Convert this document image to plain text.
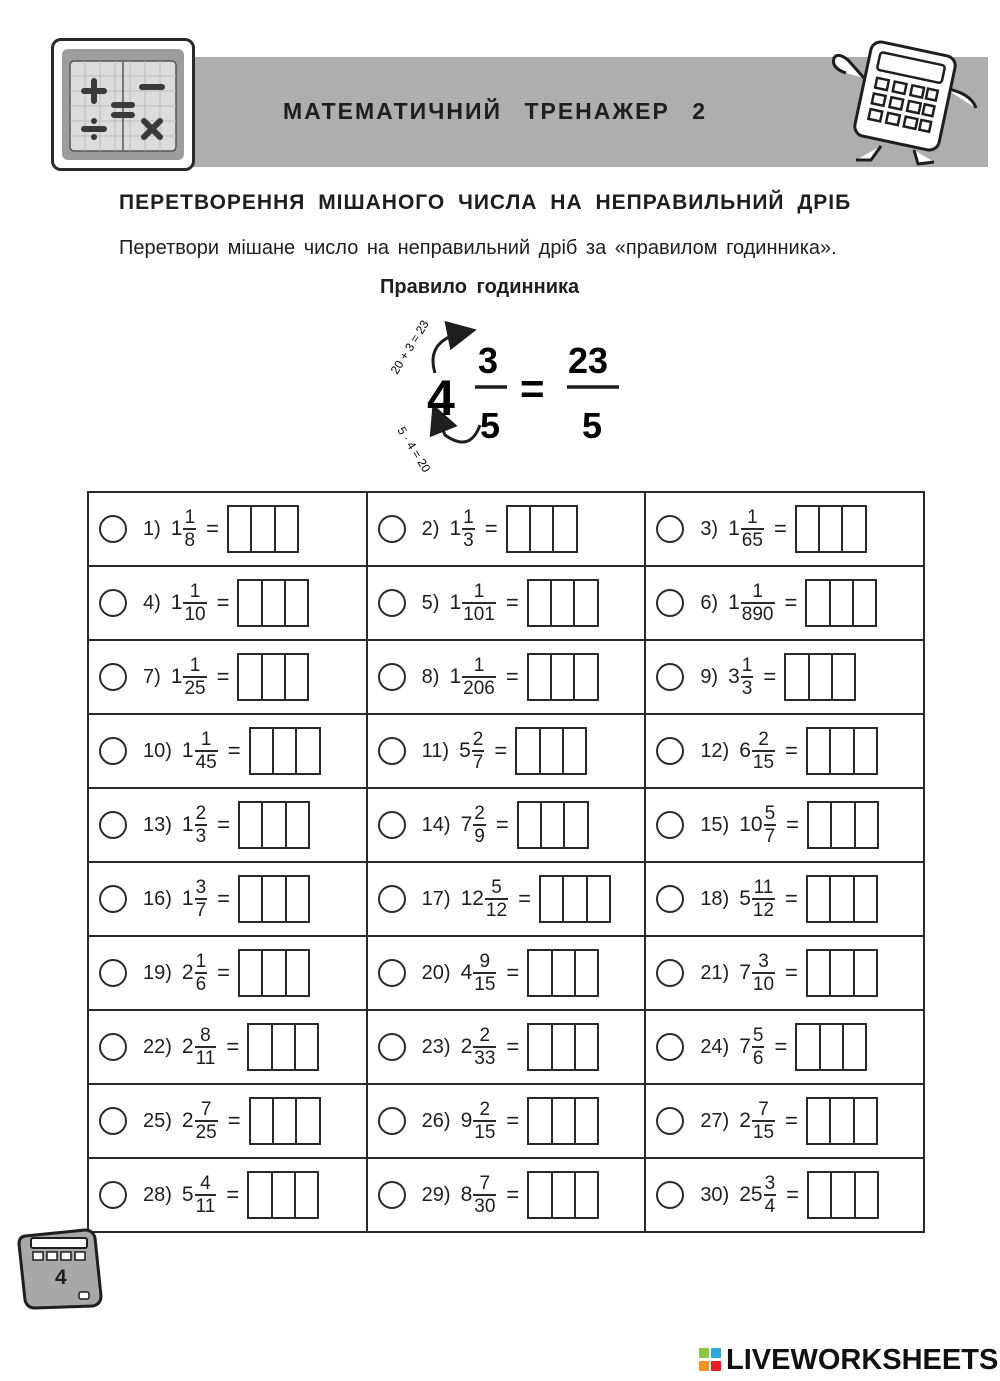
МАТЕМАТИЧНИЙ ТРЕНАЖЕР 2
ПЕРЕТВОРЕННЯ МІШАНОГО ЧИСЛА НА НЕПРАВИЛЬНИЙ ДРІБ
Перетвори мішане число на неправильний дріб за «правилом годинника».
Правило годинника
20 + 3 = 23
5 · 4 = 20
4
3
5
=
23
5
1) $1 \frac{1}{8}$ =	2) $1 \frac{1}{3}$ =	3) $1 \frac{1}{65}$ =

4) $1 \frac{1}{10}$ =	5) $1 \frac{1}{101}$ =	6) $1 \frac{1}{890}$ =

7) $1 \frac{1}{25}$ =	8) $1 \frac{1}{206}$ =	9) $3 \frac{1}{3}$ =

10) $1 \frac{1}{45}$ =	11) $5 \frac{2}{7}$ =	12) $6 \frac{2}{15}$ =

13) $1 \frac{2}{3}$ =	14) $7 \frac{2}{9}$ =	15) $10 \frac{5}{7}$ =

16) $1 \frac{3}{7}$ =	17) $12 \frac{5}{12}$ =	18) $5 \frac{11}{12}$ =

19) $2 \frac{1}{6}$ =	20) $4 \frac{9}{15}$ =	21) $7 \frac{3}{10}$ =

22) $2 \frac{8}{11}$ =	23) $2 \frac{2}{33}$ =	24) $7 \frac{5}{6}$ =

25) $2 \frac{7}{25}$ =	26) $9 \frac{2}{15}$ =	27) $2 \frac{7}{15}$ =

28) $5 \frac{4}{11}$ =	29) $8 \frac{7}{30}$ =	30) $25 \frac{3}{4}$ =
4
LIVEWORKSHEETS
